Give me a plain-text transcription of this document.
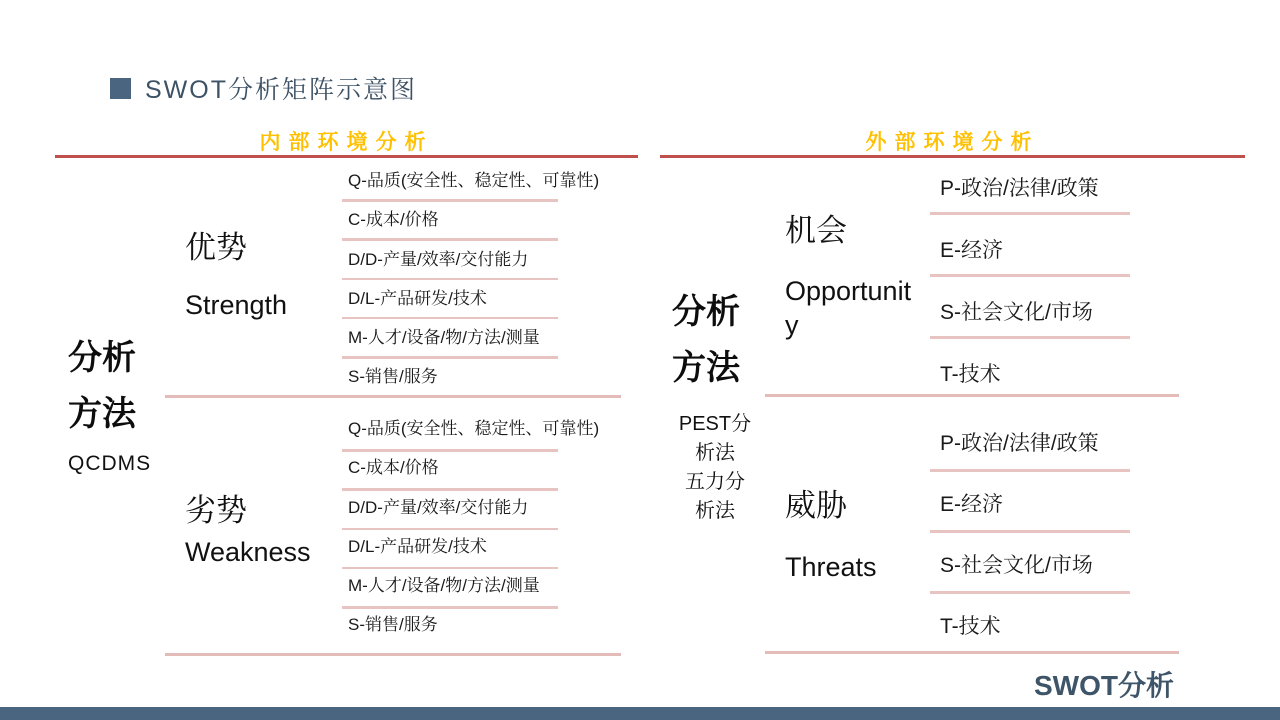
SWOT分析矩阵示意图
内部环境分析	外部环境分析
分析
方法
QCDMS
优势
Strength
劣势
Weakness
Q-品质(安全性、稳定性、可靠性)
C-成本/价格
D/D-产量/效率/交付能力
D/L-产品研发/技术
M-人才/设备/物/方法/测量
S-销售/服务
Q-品质(安全性、稳定性、可靠性)
C-成本/价格
D/D-产量/效率/交付能力
D/L-产品研发/技术
M-人才/设备/物/方法/测量
S-销售/服务
分析
方法
PEST分析法
五力分析法
机会
Opportunity
威胁
Threats
P-政治/法律/政策
E-经济
S-社会文化/市场
T-技术
P-政治/法律/政策
E-经济
S-社会文化/市场
T-技术
SWOT分析
